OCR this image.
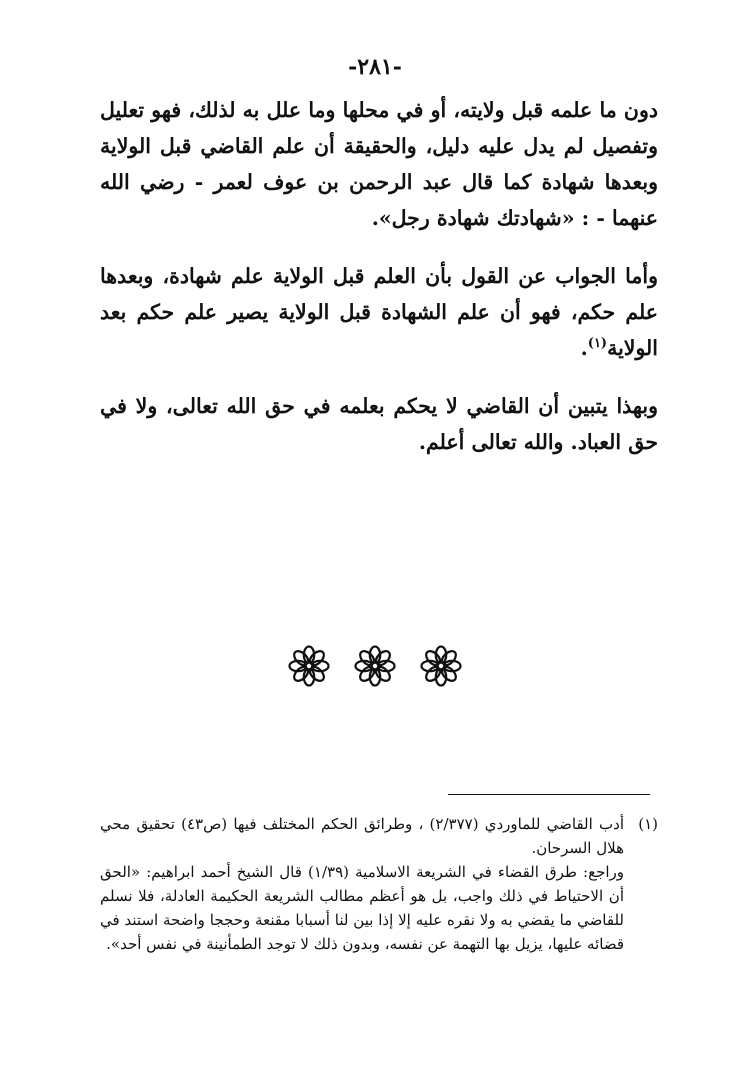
-٢٨١-

دون ما علمه قبل ولايته، أو في محلها وما علل به لذلك، فهو تعليل وتفصيل لم يدل عليه دليل، والحقيقة أن علم القاضي قبل الولاية وبعدها شهادة كما قال عبد الرحمن بن عوف لعمر - رضي الله عنهما - : «شهادتك شهادة رجل».

وأما الجواب عن القول بأن العلم قبل الولاية علم شهادة، وبعدها علم حكم، فهو أن علم الشهادة قبل الولاية يصير علم حكم بعد الولاية$^{(١)}$.

وبهذا يتبين أن القاضي لا يحكم بعلمه في حق الله تعالى، ولا في حق العباد. والله تعالى أعلم.

(١)

أدب القاضي للماوردي (٢/٣٧٧) ، وطرائق الحكم المختلف فيها (ص٤٣) تحقيق محي هلال السرحان.

وراجع: طرق القضاء في الشريعة الاسلامية (١/٣٩) قال الشيخ أحمد ابراهيم: «الحق أن الاحتياط في ذلك واجب، بل هو أعظم مطالب الشريعة الحكيمة العادلة، فلا نسلم للقاضي ما يقضي به ولا نقره عليه إلا إذا بين لنا أسبابا مقنعة وحججا واضحة استند في قضائه عليها، يزيل بها التهمة عن نفسه، وبدون ذلك لا توجد الطمأنينة في نفس أحد».
